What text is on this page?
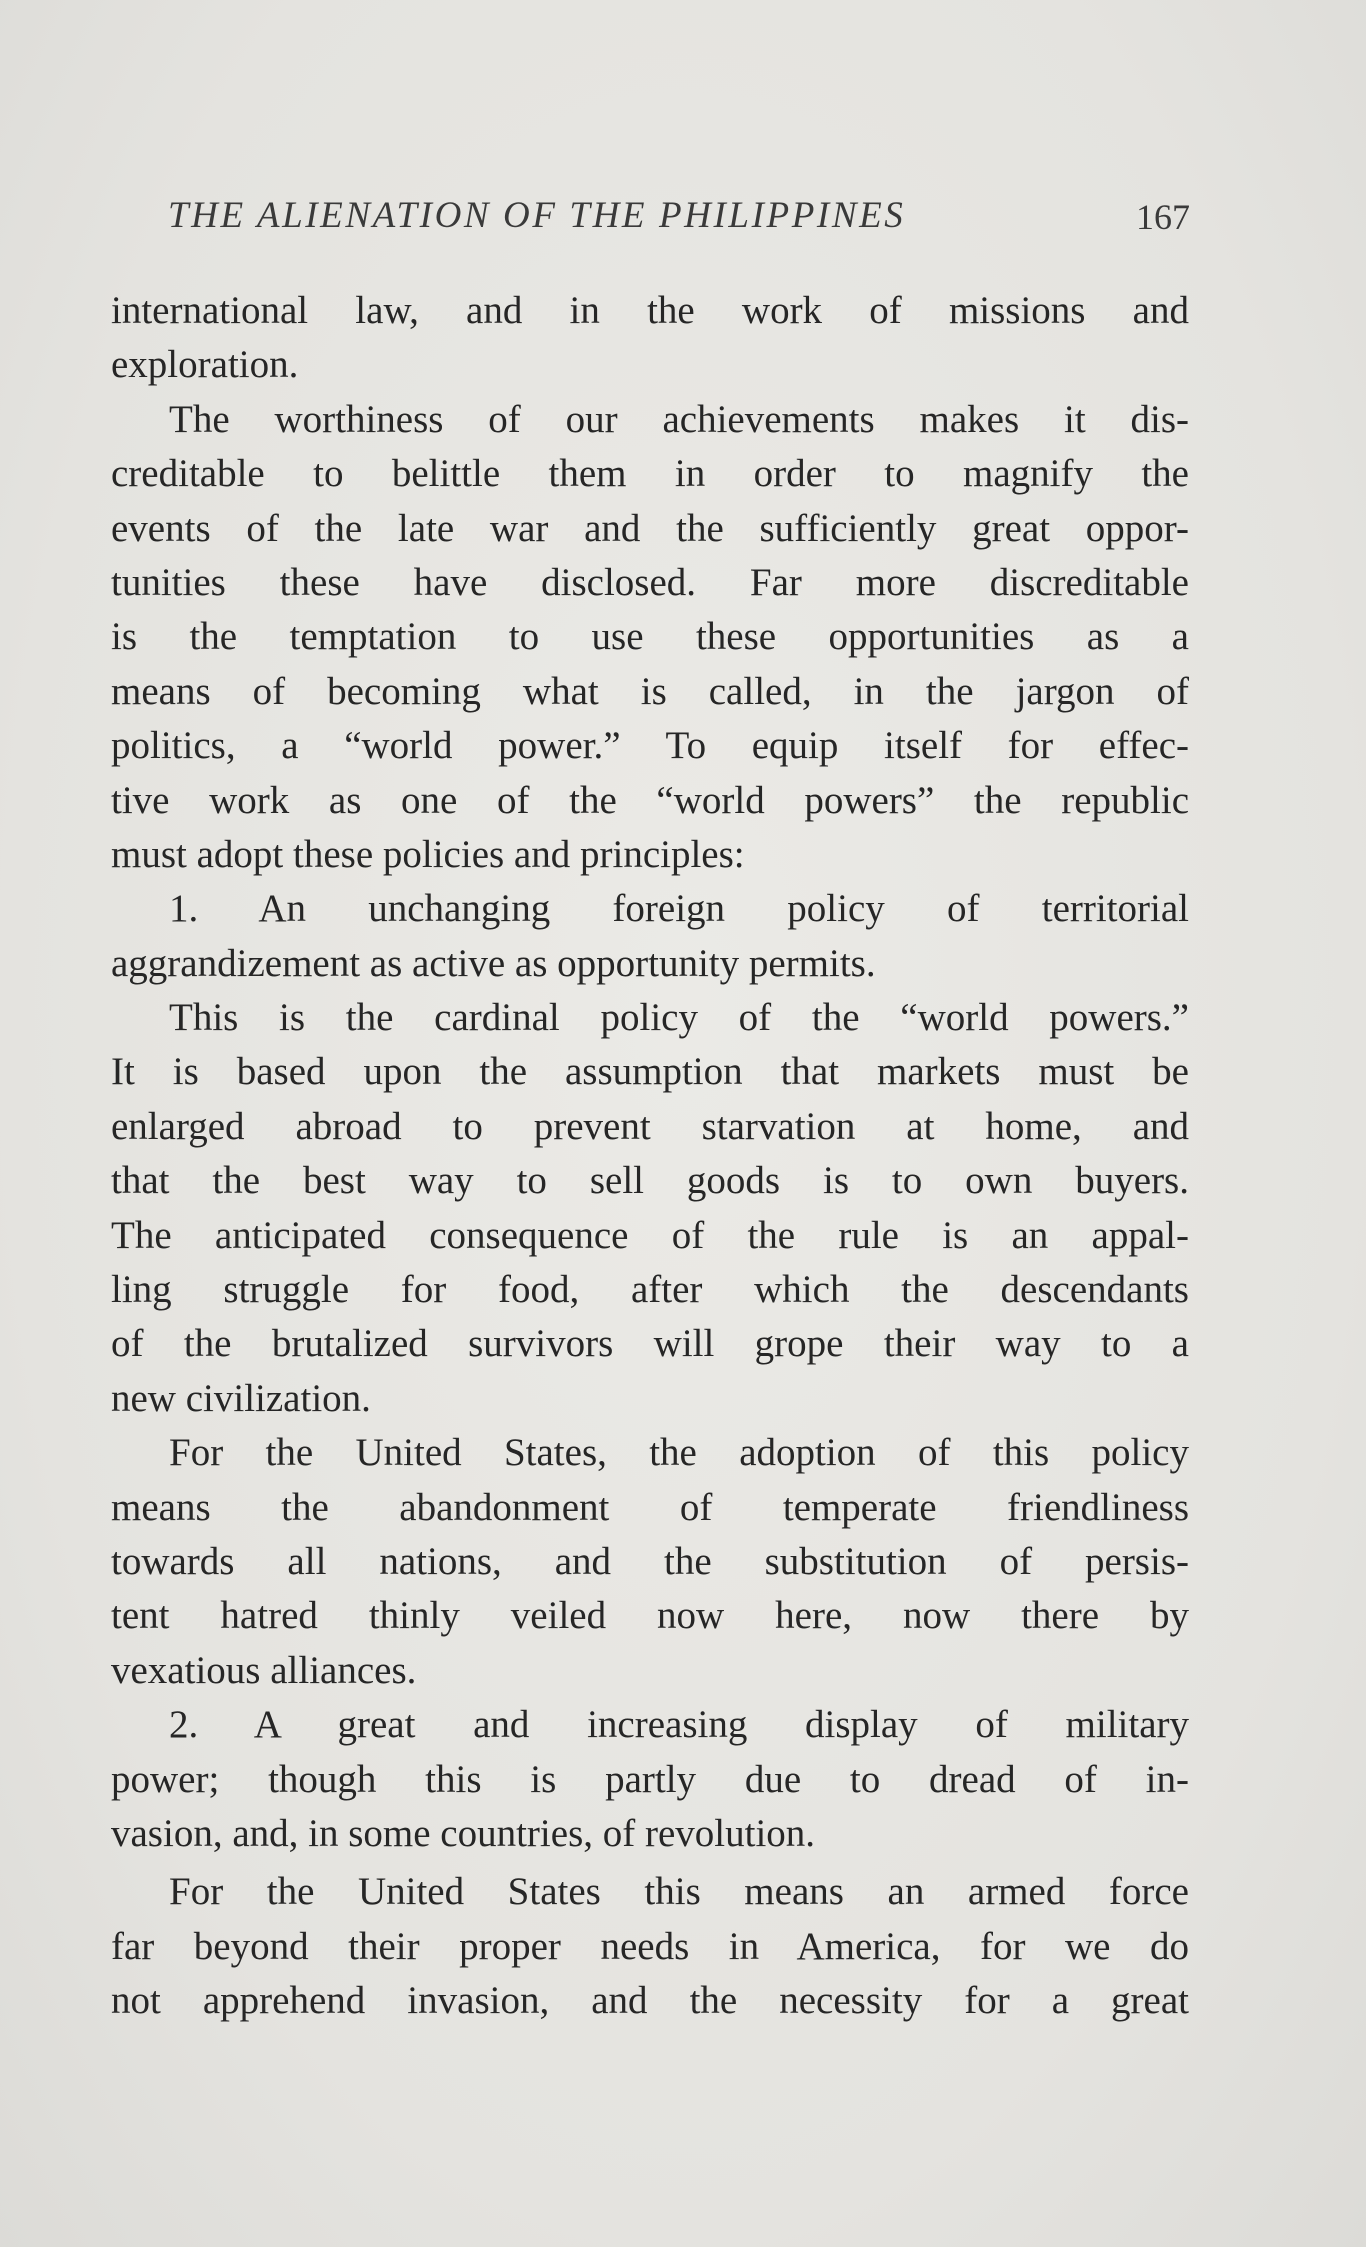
THE ALIENATION OF THE PHILIPPINES	167
international law, and in the work of missions and
exploration.
The worthiness of our achievements makes it dis-
creditable to belittle them in order to magnify the
events of the late war and the sufficiently great oppor-
tunities these have disclosed. Far more discreditable
is the temptation to use these opportunities as a
means of becoming what is called, in the jargon of
politics, a “world power.” To equip itself for effec-
tive work as one of the “world powers” the republic
must adopt these policies and principles:
1. An unchanging foreign policy of territorial
aggrandizement as active as opportunity permits.
This is the cardinal policy of the “world powers.”
It is based upon the assumption that markets must be
enlarged abroad to prevent starvation at home, and
that the best way to sell goods is to own buyers.
The anticipated consequence of the rule is an appal-
ling struggle for food, after which the descendants
of the brutalized survivors will grope their way to a
new civilization.
For the United States, the adoption of this policy
means the abandonment of temperate friendliness
towards all nations, and the substitution of persis-
tent hatred thinly veiled now here, now there by
vexatious alliances.
2. A great and increasing display of military
power; though this is partly due to dread of in-
vasion, and, in some countries, of revolution.
For the United States this means an armed force
far beyond their proper needs in America, for we do
not apprehend invasion, and the necessity for a great
